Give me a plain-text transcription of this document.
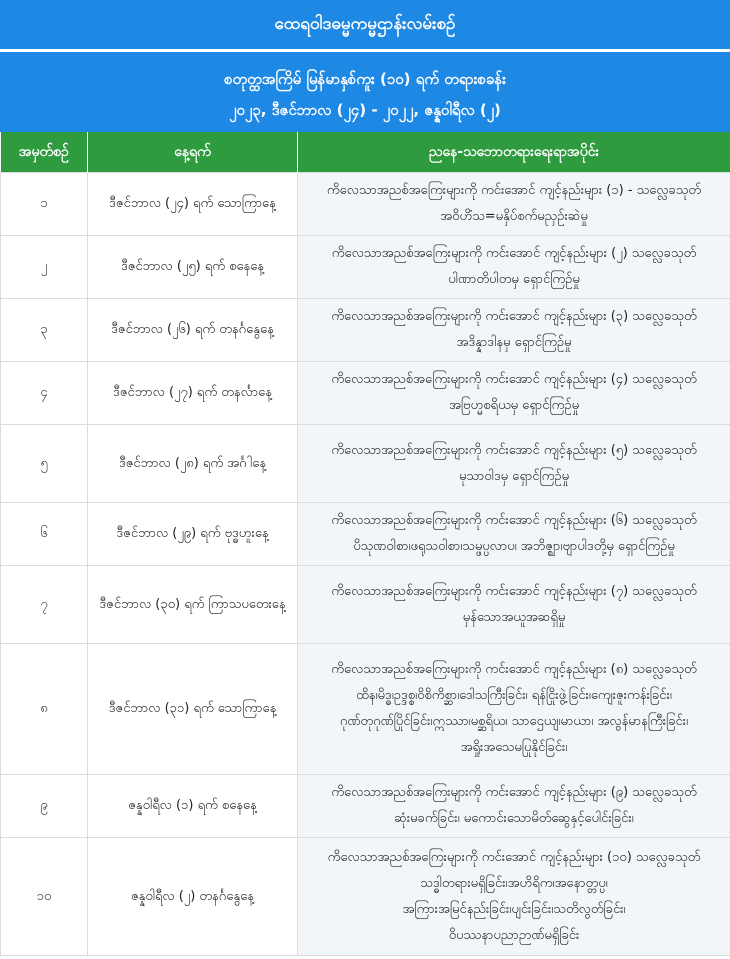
ထေရဝါဒဓမ္မကမ္မဌာန်းလမ်းစဥ်
စတုတ္ထအကြိမ် မြန်မာနှစ်ကူး (၁၀) ရက် တရားစခန်း
၂၀၂၃, ဒီဇင်ဘာလ (၂၄) - ၂၀၂၂, ဇန္နဝါရီလ (၂)
အမှတ်စဥ်	နေ့ရက်	ညနေ-သဘောတရားရေးရာအပိုင်း
၁	ဒီဇင်ဘာလ (၂၄) ရက် သောကြာနေ့	ကိလေသာအညစ်အကြေးများကို ကင်းအောင် ကျင့်နည်းများ (၁) - သလ္လေခသုတ်
အဝိဟိံသ=မနှိပ်စက်မညှဥ်းဆဲမှု

၂	ဒီဇင်ဘာလ (၂၅) ရက် စနေနေ့	ကိလေသာအညစ်အကြေးများကို ကင်းအောင် ကျင့်နည်းများ (၂) သလ္လေခသုတ်
ပါဏာတိပါတမှ ရှောင်ကြဉ်မှု

၃	ဒီဇင်ဘာလ (၂၆) ရက် တနင်္ဂနွေနေ့	ကိလေသာအညစ်အကြေးများကို ကင်းအောင် ကျင့်နည်းများ (၃) သလ္လေခသုတ်
အဒိန္နာဒါနမှ ရှောင်ကြဉ်မှု

၄	ဒီဇင်ဘာလ (၂၇) ရက် တနင်္လာနေ့	ကိလေသာအညစ်အကြေးများကို ကင်းအောင် ကျင့်နည်းများ (၄) သလ္လေခသုတ်
အဗြဟ္မစရိယမှ ရှောင်ကြဉ်မှု

၅	ဒီဇင်ဘာလ (၂၈) ရက် အင်္ဂါနေ့	ကိလေသာအညစ်အကြေးများကို ကင်းအောင် ကျင့်နည်းများ (၅) သလ္လေခသုတ်
မုသာဝါဒမှ ရှောင်ကြဉ်မှု

၆	ဒီဇင်ဘာလ (၂၉) ရက် ဗုဒ္ဓဟူးနေ့	ကိလေသာအညစ်အကြေးများကို ကင်းအောင် ကျင့်နည်းများ (၆) သလ္လေခသုတ်
ပိသုဏဝါစာ၊ဖရုသဝါစာ၊သမ္ဖပ္ပလာပ၊ အဘိဇ္ဈာ၊ဗျာပါဒတို့မှ ရှောင်ကြဉ်မှု

၇	ဒီဇင်ဘာလ (၃၀) ရက် ကြာသပတေးနေ့	ကိလေသာအညစ်အကြေးများကို ကင်းအောင် ကျင့်နည်းများ (၇) သလ္လေခသုတ်
မှန်သောအယူအဆရှိမှု

၈	ဒီဇင်ဘာလ (၃၁) ရက် သောကြာနေ့	ကိလေသာအညစ်အကြေးများကို ကင်းအောင် ကျင့်နည်းများ (၈) သလ္လေခသုတ်
ထိန၊မိဒ္ဓ၊ဥဒ္ဒစ္စ၊ဝိစိကိစ္ဆာ၊ဒေါသကြီးခြင်း၊ ရန်ငြိုးဖွဲ့ခြင်း၊ကျေးဇူးကန်းခြင်း၊
ဂုဏ်တုဂုဏ်ပြိုင်ခြင်း၊ဣဿာ၊မစ္ဆရိယ၊ သာဌေယျ၊မာယာ၊ အလွန်မာနကြီးခြင်း၊
အရှိုးအသေမပြုနိုင်ခြင်း၊

၉	ဇန္နဝါရီလ (၁) ရက် စနေနေ့	ကိလေသာအညစ်အကြေးများကို ကင်းအောင် ကျင့်နည်းများ (၉) သလ္လေခသုတ်
ဆုံးမခက်ခြင်း၊ မကောင်းသောမိတ်ဆွေနှင့်ပေါင်းခြင်း၊

၁၀	ဇန္နဝါရီလ (၂) တနင်္ဂနွေနေ့	ကိလေသာအညစ်အကြေးများကို ကင်းအောင် ကျင့်နည်းများ (၁၀) သလ္လေခသုတ်
သဒ္ဓါတရားမရှိခြင်း၊အဟိရိက၊အနောတ္တပ္ပ၊
အကြားအမြင်နည်းခြင်း၊ပျင်းခြင်း၊သတိလွတ်ခြင်း၊
ဝိပဿနာပညာဉာဏ်မရှိခြင်း
